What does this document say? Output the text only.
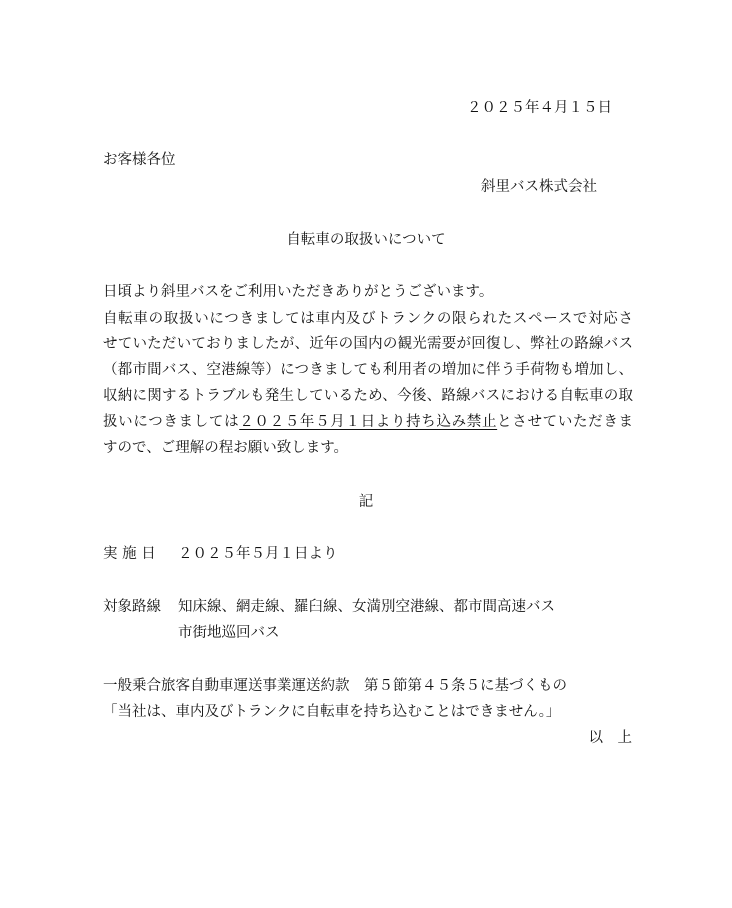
２０２５年４月１５日
お客様各位
斜里バス株式会社
自転車の取扱いについて
日頃より斜里バスをご利用いただきありがとうございます。
自転車の取扱いにつきましては車内及びトランクの限られたスペースで対応さ
せていただいておりましたが、近年の国内の観光需要が回復し、弊社の路線バス
（都市間バス、空港線等）につきましても利用者の増加に伴う手荷物も増加し、
収納に関するトラブルも発生しているため、今後、路線バスにおける自転車の取
扱いにつきましては２０２５年５月１日より持ち込み禁止とさせていただきま
すので、ご理解の程お願い致します。
記
実 施 日 ２０２５年５月１日より
対象路線 知床線、網走線、羅臼線、女満別空港線、都市間高速バス
市街地巡回バス
一般乗合旅客自動車運送事業運送約款　第５節第４５条５に基づくもの
「当社は、車内及びトランクに自転車を持ち込むことはできません。」
以　上
